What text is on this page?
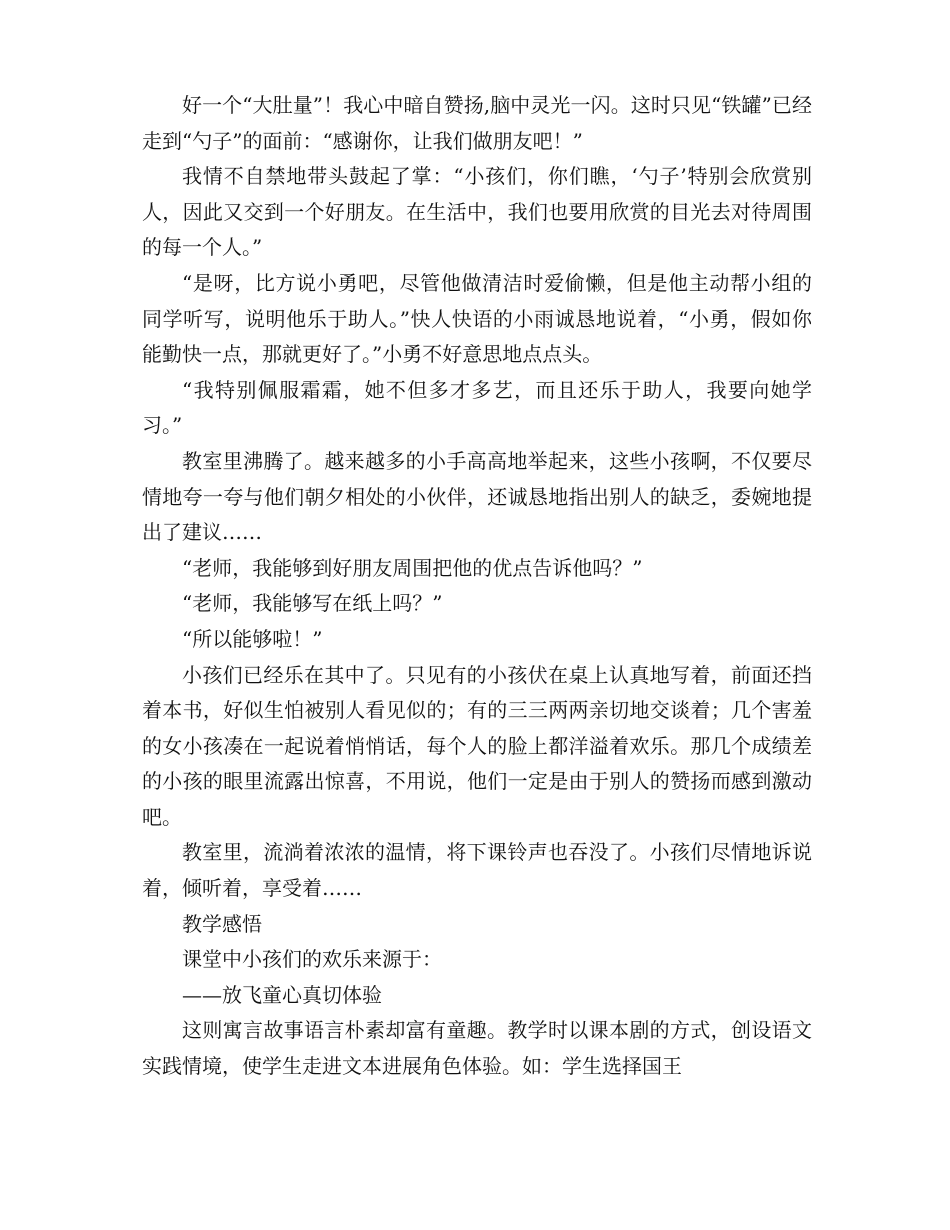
好一个“大肚量”！我心中暗自赞扬,脑中灵光一闪。这时只见“铁罐”已经走到“勺子”的面前：“感谢你，让我们做朋友吧！”

我情不自禁地带头鼓起了掌：“小孩们，你们瞧，‘勺子’特别会欣赏别人，因此又交到一个好朋友。在生活中，我们也要用欣赏的目光去对待周围的每一个人。”

“是呀，比方说小勇吧，尽管他做清洁时爱偷懒，但是他主动帮小组的同学听写，说明他乐于助人。”快人快语的小雨诚恳地说着，“小勇，假如你能勤快一点，那就更好了。”小勇不好意思地点点头。

“我特别佩服霜霜，她不但多才多艺，而且还乐于助人，我要向她学习。”

教室里沸腾了。越来越多的小手高高地举起来，这些小孩啊，不仅要尽情地夸一夸与他们朝夕相处的小伙伴，还诚恳地指出别人的缺乏，委婉地提出了建议……

“老师，我能够到好朋友周围把他的优点告诉他吗？”

“老师，我能够写在纸上吗？”

“所以能够啦！”

小孩们已经乐在其中了。只见有的小孩伏在桌上认真地写着，前面还挡着本书，好似生怕被别人看见似的；有的三三两两亲切地交谈着；几个害羞的女小孩凑在一起说着悄悄话，每个人的脸上都洋溢着欢乐。那几个成绩差的小孩的眼里流露出惊喜，不用说，他们一定是由于别人的赞扬而感到激动吧。

教室里，流淌着浓浓的温情，将下课铃声也吞没了。小孩们尽情地诉说着，倾听着，享受着……

教学感悟

课堂中小孩们的欢乐来源于：

——放飞童心真切体验

这则寓言故事语言朴素却富有童趣。教学时以课本剧的方式，创设语文实践情境，使学生走进文本进展角色体验。如：学生选择国王
